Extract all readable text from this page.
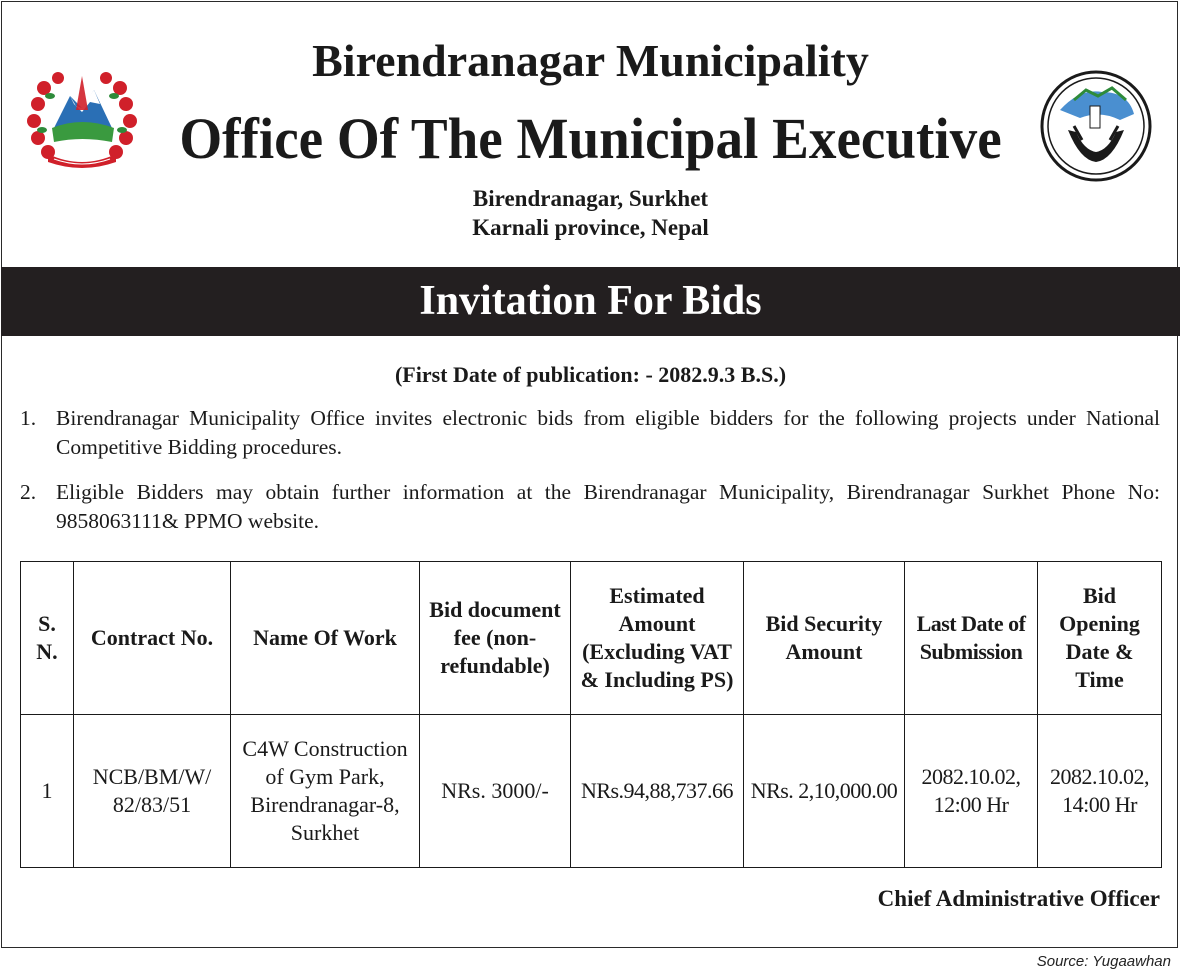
Birendranagar Municipality
Office Of The Municipal Executive
Birendranagar, Surkhet
Karnali province, Nepal
Invitation For Bids
(First Date of publication: - 2082.9.3 B.S.)
1. Birendranagar Municipality Office invites electronic bids from eligible bidders for the following projects under National Competitive Bidding procedures.
2. Eligible Bidders may obtain further information at the Birendranagar Municipality, Birendranagar Surkhet Phone No: 9858063111& PPMO website.
S. N.	Contract No.	Name Of Work	Bid document fee (non-refundable)	Estimated Amount (Excluding VAT & Including PS)	Bid Security Amount	Last Date of Submission	Bid Opening Date & Time
1	NCB/BM/W/ 82/83/51	C4W Construction of Gym Park, Birendranagar-8, Surkhet	NRs. 3000/-	NRs.94,88,737.66	NRs. 2,10,000.00	2082.10.02, 12:00 Hr	2082.10.02, 14:00 Hr
Chief Administrative Officer
Source: Yugaawhan
